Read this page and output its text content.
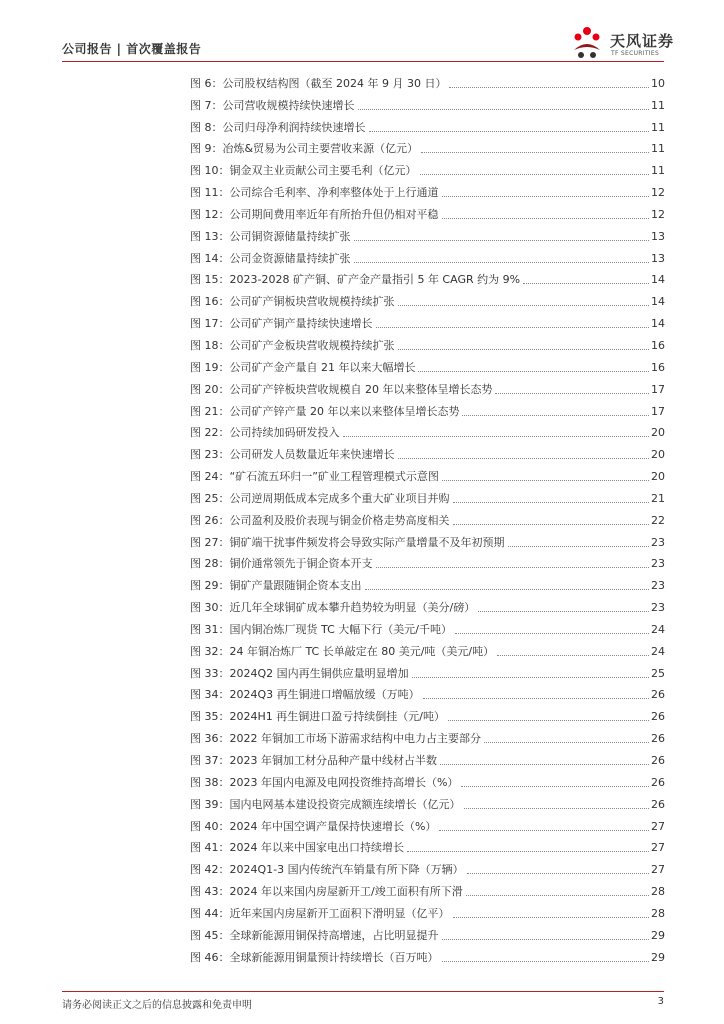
公司报告 | 首次覆盖报告	天风证券
TF SECURITIES
图 6：公司股权结构图（截至 2024 年 9 月 30 日）	10
图 7：公司营收规模持续快速增长	11
图 8：公司归母净利润持续快速增长	11
图 9：冶炼&贸易为公司主要营收来源（亿元）	11
图 10：铜金双主业贡献公司主要毛利（亿元）	11
图 11：公司综合毛利率、净利率整体处于上行通道	12
图 12：公司期间费用率近年有所抬升但仍相对平稳	12
图 13：公司铜资源储量持续扩张	13
图 14：公司金资源储量持续扩张	13
图 15：2023-2028 矿产铜、矿产金产量指引 5 年 CAGR 约为 9%	14
图 16：公司矿产铜板块营收规模持续扩张	14
图 17：公司矿产铜产量持续快速增长	14
图 18：公司矿产金板块营收规模持续扩张	16
图 19：公司矿产金产量自 21 年以来大幅增长	16
图 20：公司矿产锌板块营收规模自 20 年以来整体呈增长态势	17
图 21：公司矿产锌产量 20 年以来以来整体呈增长态势	17
图 22：公司持续加码研发投入	20
图 23：公司研发人员数量近年来快速增长	20
图 24：“矿石流五环归一”矿业工程管理模式示意图	20
图 25：公司逆周期低成本完成多个重大矿业项目并购	21
图 26：公司盈利及股价表现与铜金价格走势高度相关	22
图 27：铜矿端干扰事件频发将会导致实际产量增量不及年初预期	23
图 28：铜价通常领先于铜企资本开支	23
图 29：铜矿产量跟随铜企资本支出	23
图 30：近几年全球铜矿成本攀升趋势较为明显（美分/磅）	23
图 31：国内铜冶炼厂现货 TC 大幅下行（美元/千吨）	24
图 32：24 年铜冶炼厂 TC 长单敲定在 80 美元/吨（美元/吨）	24
图 33：2024Q2 国内再生铜供应量明显增加	25
图 34：2024Q3 再生铜进口增幅放缓（万吨）	26
图 35：2024H1 再生铜进口盈亏持续倒挂（元/吨）	26
图 36：2022 年铜加工市场下游需求结构中电力占主要部分	26
图 37：2023 年铜加工材分品种产量中线材占半数	26
图 38：2023 年国内电源及电网投资维持高增长（%）	26
图 39：国内电网基本建设投资完成额连续增长（亿元）	26
图 40：2024 年中国空调产量保持快速增长（%）	27
图 41：2024 年以来中国家电出口持续增长	27
图 42：2024Q1-3 国内传统汽车销量有所下降（万辆）	27
图 43：2024 年以来国内房屋新开工/竣工面积有所下滑	28
图 44：近年来国内房屋新开工面积下滑明显（亿平）	28
图 45：全球新能源用铜保持高增速，占比明显提升	29
图 46：全球新能源用铜量预计持续增长（百万吨）	29
请务必阅读正文之后的信息披露和免责申明	3
